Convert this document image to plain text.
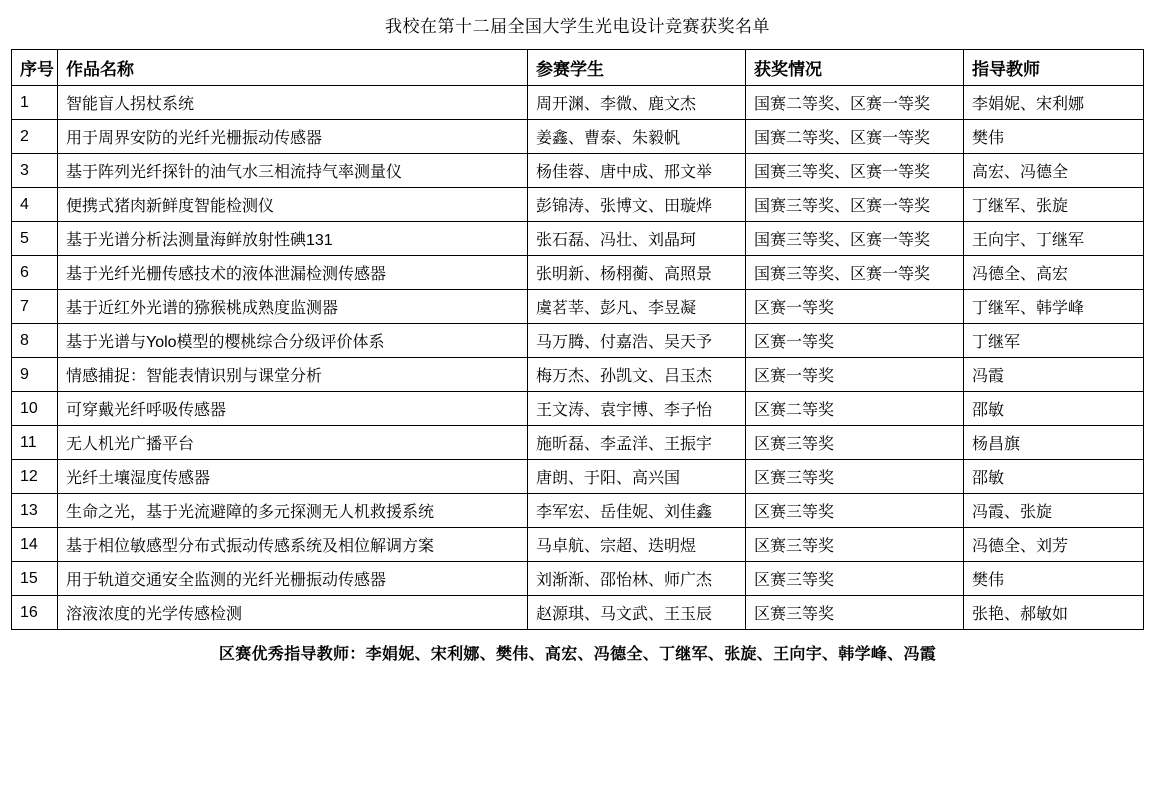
我校在第十二届全国大学生光电设计竞赛获奖名单
序号	作品名称	参赛学生	获奖情况	指导教师
1	智能盲人拐杖系统	周开渊、李微、鹿文杰	国赛二等奖、区赛一等奖	李娟妮、宋利娜
2	用于周界安防的光纤光栅振动传感器	姜鑫、曹泰、朱毅帆	国赛二等奖、区赛一等奖	樊伟
3	基于阵列光纤探针的油气水三相流持气率测量仪	杨佳蓉、唐中成、邢文举	国赛三等奖、区赛一等奖	高宏、冯德全
4	便携式猪肉新鲜度智能检测仪	彭锦涛、张博文、田璇烨	国赛三等奖、区赛一等奖	丁继军、张旋
5	基于光谱分析法测量海鲜放射性碘131	张石磊、冯壮、刘晶珂	国赛三等奖、区赛一等奖	王向宇、丁继军
6	基于光纤光栅传感技术的液体泄漏检测传感器	张明新、杨栩蘅、高照景	国赛三等奖、区赛一等奖	冯德全、高宏
7	基于近红外光谱的猕猴桃成熟度监测器	虞茗莘、彭凡、李昱凝	区赛一等奖	丁继军、韩学峰
8	基于光谱与Yolo模型的樱桃综合分级评价体系	马万腾、付嘉浩、吴天予	区赛一等奖	丁继军
9	情感捕捉：智能表情识别与课堂分析	梅万杰、孙凯文、吕玉杰	区赛一等奖	冯霞
10	可穿戴光纤呼吸传感器	王文涛、袁宇博、李子怡	区赛二等奖	邵敏
11	无人机光广播平台	施昕磊、李孟洋、王振宇	区赛三等奖	杨昌旗
12	光纤土壤湿度传感器	唐朗、于阳、高兴国	区赛三等奖	邵敏
13	生命之光，基于光流避障的多元探测无人机救援系统	李军宏、岳佳妮、刘佳鑫	区赛三等奖	冯霞、张旋
14	基于相位敏感型分布式振动传感系统及相位解调方案	马卓航、宗超、迭明煜	区赛三等奖	冯德全、刘芳
15	用于轨道交通安全监测的光纤光栅振动传感器	刘渐渐、邵怡林、师广杰	区赛三等奖	樊伟
16	溶液浓度的光学传感检测	赵源琪、马文武、王玉辰	区赛三等奖	张艳、郝敏如
区赛优秀指导教师：李娟妮、宋利娜、樊伟、高宏、冯德全、丁继军、张旋、王向宇、韩学峰、冯霞
